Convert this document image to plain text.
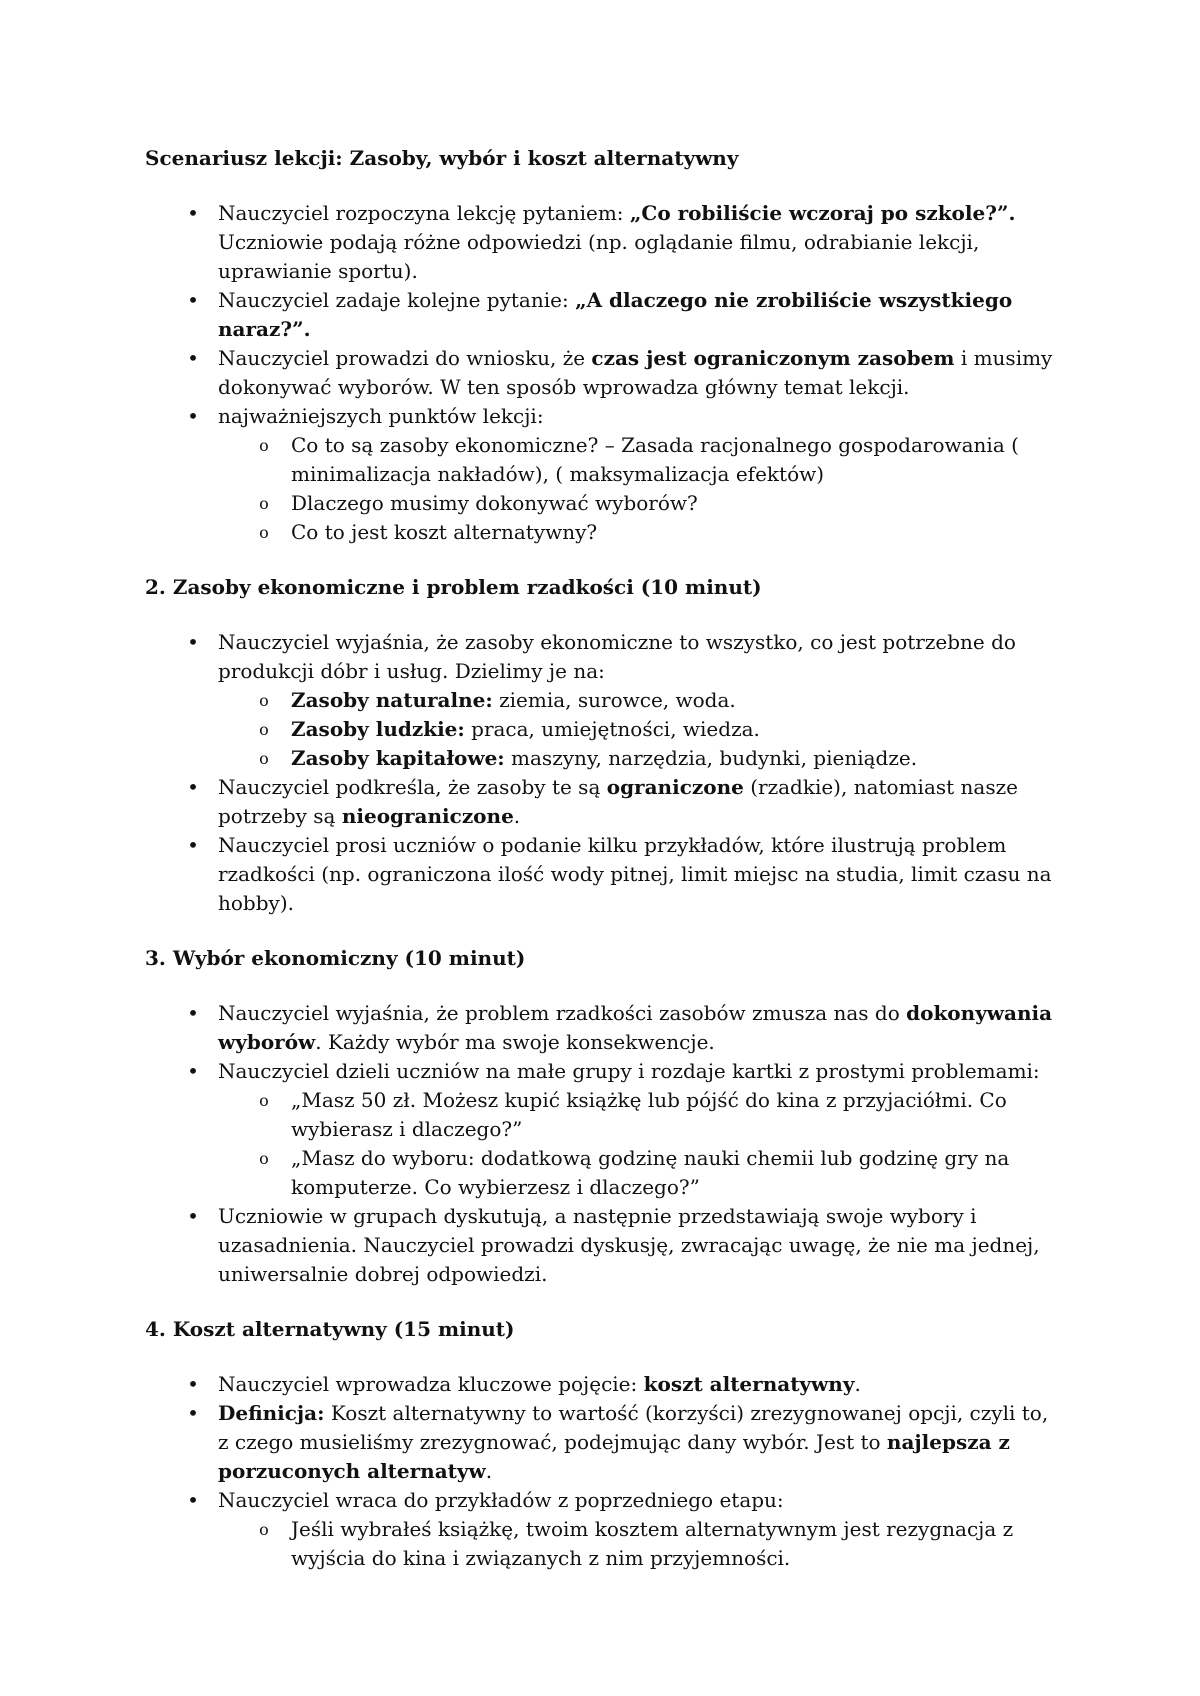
Scenariusz lekcji: Zasoby, wybór i koszt alternatywny
• Nauczyciel rozpoczyna lekcję pytaniem: „Co robiliście wczoraj po szkole?”. Uczniowie podają różne odpowiedzi (np. oglądanie filmu, odrabianie lekcji, uprawianie sportu).
• Nauczyciel zadaje kolejne pytanie: „A dlaczego nie zrobiliście wszystkiego naraz?”.
• Nauczyciel prowadzi do wniosku, że czas jest ograniczonym zasobem i musimy dokonywać wyborów. W ten sposób wprowadza główny temat lekcji.
• najważniejszych punktów lekcji:
o Co to są zasoby ekonomiczne? – Zasada racjonalnego gospodarowania ( minimalizacja nakładów), ( maksymalizacja efektów)
o Dlaczego musimy dokonywać wyborów?
o Co to jest koszt alternatywny?
2. Zasoby ekonomiczne i problem rzadkości (10 minut)
• Nauczyciel wyjaśnia, że zasoby ekonomiczne to wszystko, co jest potrzebne do produkcji dóbr i usług. Dzielimy je na:
o Zasoby naturalne: ziemia, surowce, woda.
o Zasoby ludzkie: praca, umiejętności, wiedza.
o Zasoby kapitałowe: maszyny, narzędzia, budynki, pieniądze.
• Nauczyciel podkreśla, że zasoby te są ograniczone (rzadkie), natomiast nasze potrzeby są nieograniczone.
• Nauczyciel prosi uczniów o podanie kilku przykładów, które ilustrują problem rzadkości (np. ograniczona ilość wody pitnej, limit miejsc na studia, limit czasu na hobby).
3. Wybór ekonomiczny (10 minut)
• Nauczyciel wyjaśnia, że problem rzadkości zasobów zmusza nas do dokonywania wyborów. Każdy wybór ma swoje konsekwencje.
• Nauczyciel dzieli uczniów na małe grupy i rozdaje kartki z prostymi problemami:
o „Masz 50 zł. Możesz kupić książkę lub pójść do kina z przyjaciółmi. Co wybierasz i dlaczego?”
o „Masz do wyboru: dodatkową godzinę nauki chemii lub godzinę gry na komputerze. Co wybierzesz i dlaczego?”
• Uczniowie w grupach dyskutują, a następnie przedstawiają swoje wybory i uzasadnienia. Nauczyciel prowadzi dyskusję, zwracając uwagę, że nie ma jednej, uniwersalnie dobrej odpowiedzi.
4. Koszt alternatywny (15 minut)
• Nauczyciel wprowadza kluczowe pojęcie: koszt alternatywny.
• Definicja: Koszt alternatywny to wartość (korzyści) zrezygnowanej opcji, czyli to, z czego musieliśmy zrezygnować, podejmując dany wybór. Jest to najlepsza z porzuconych alternatyw.
• Nauczyciel wraca do przykładów z poprzedniego etapu:
o Jeśli wybrałeś książkę, twoim kosztem alternatywnym jest rezygnacja z wyjścia do kina i związanych z nim przyjemności.
